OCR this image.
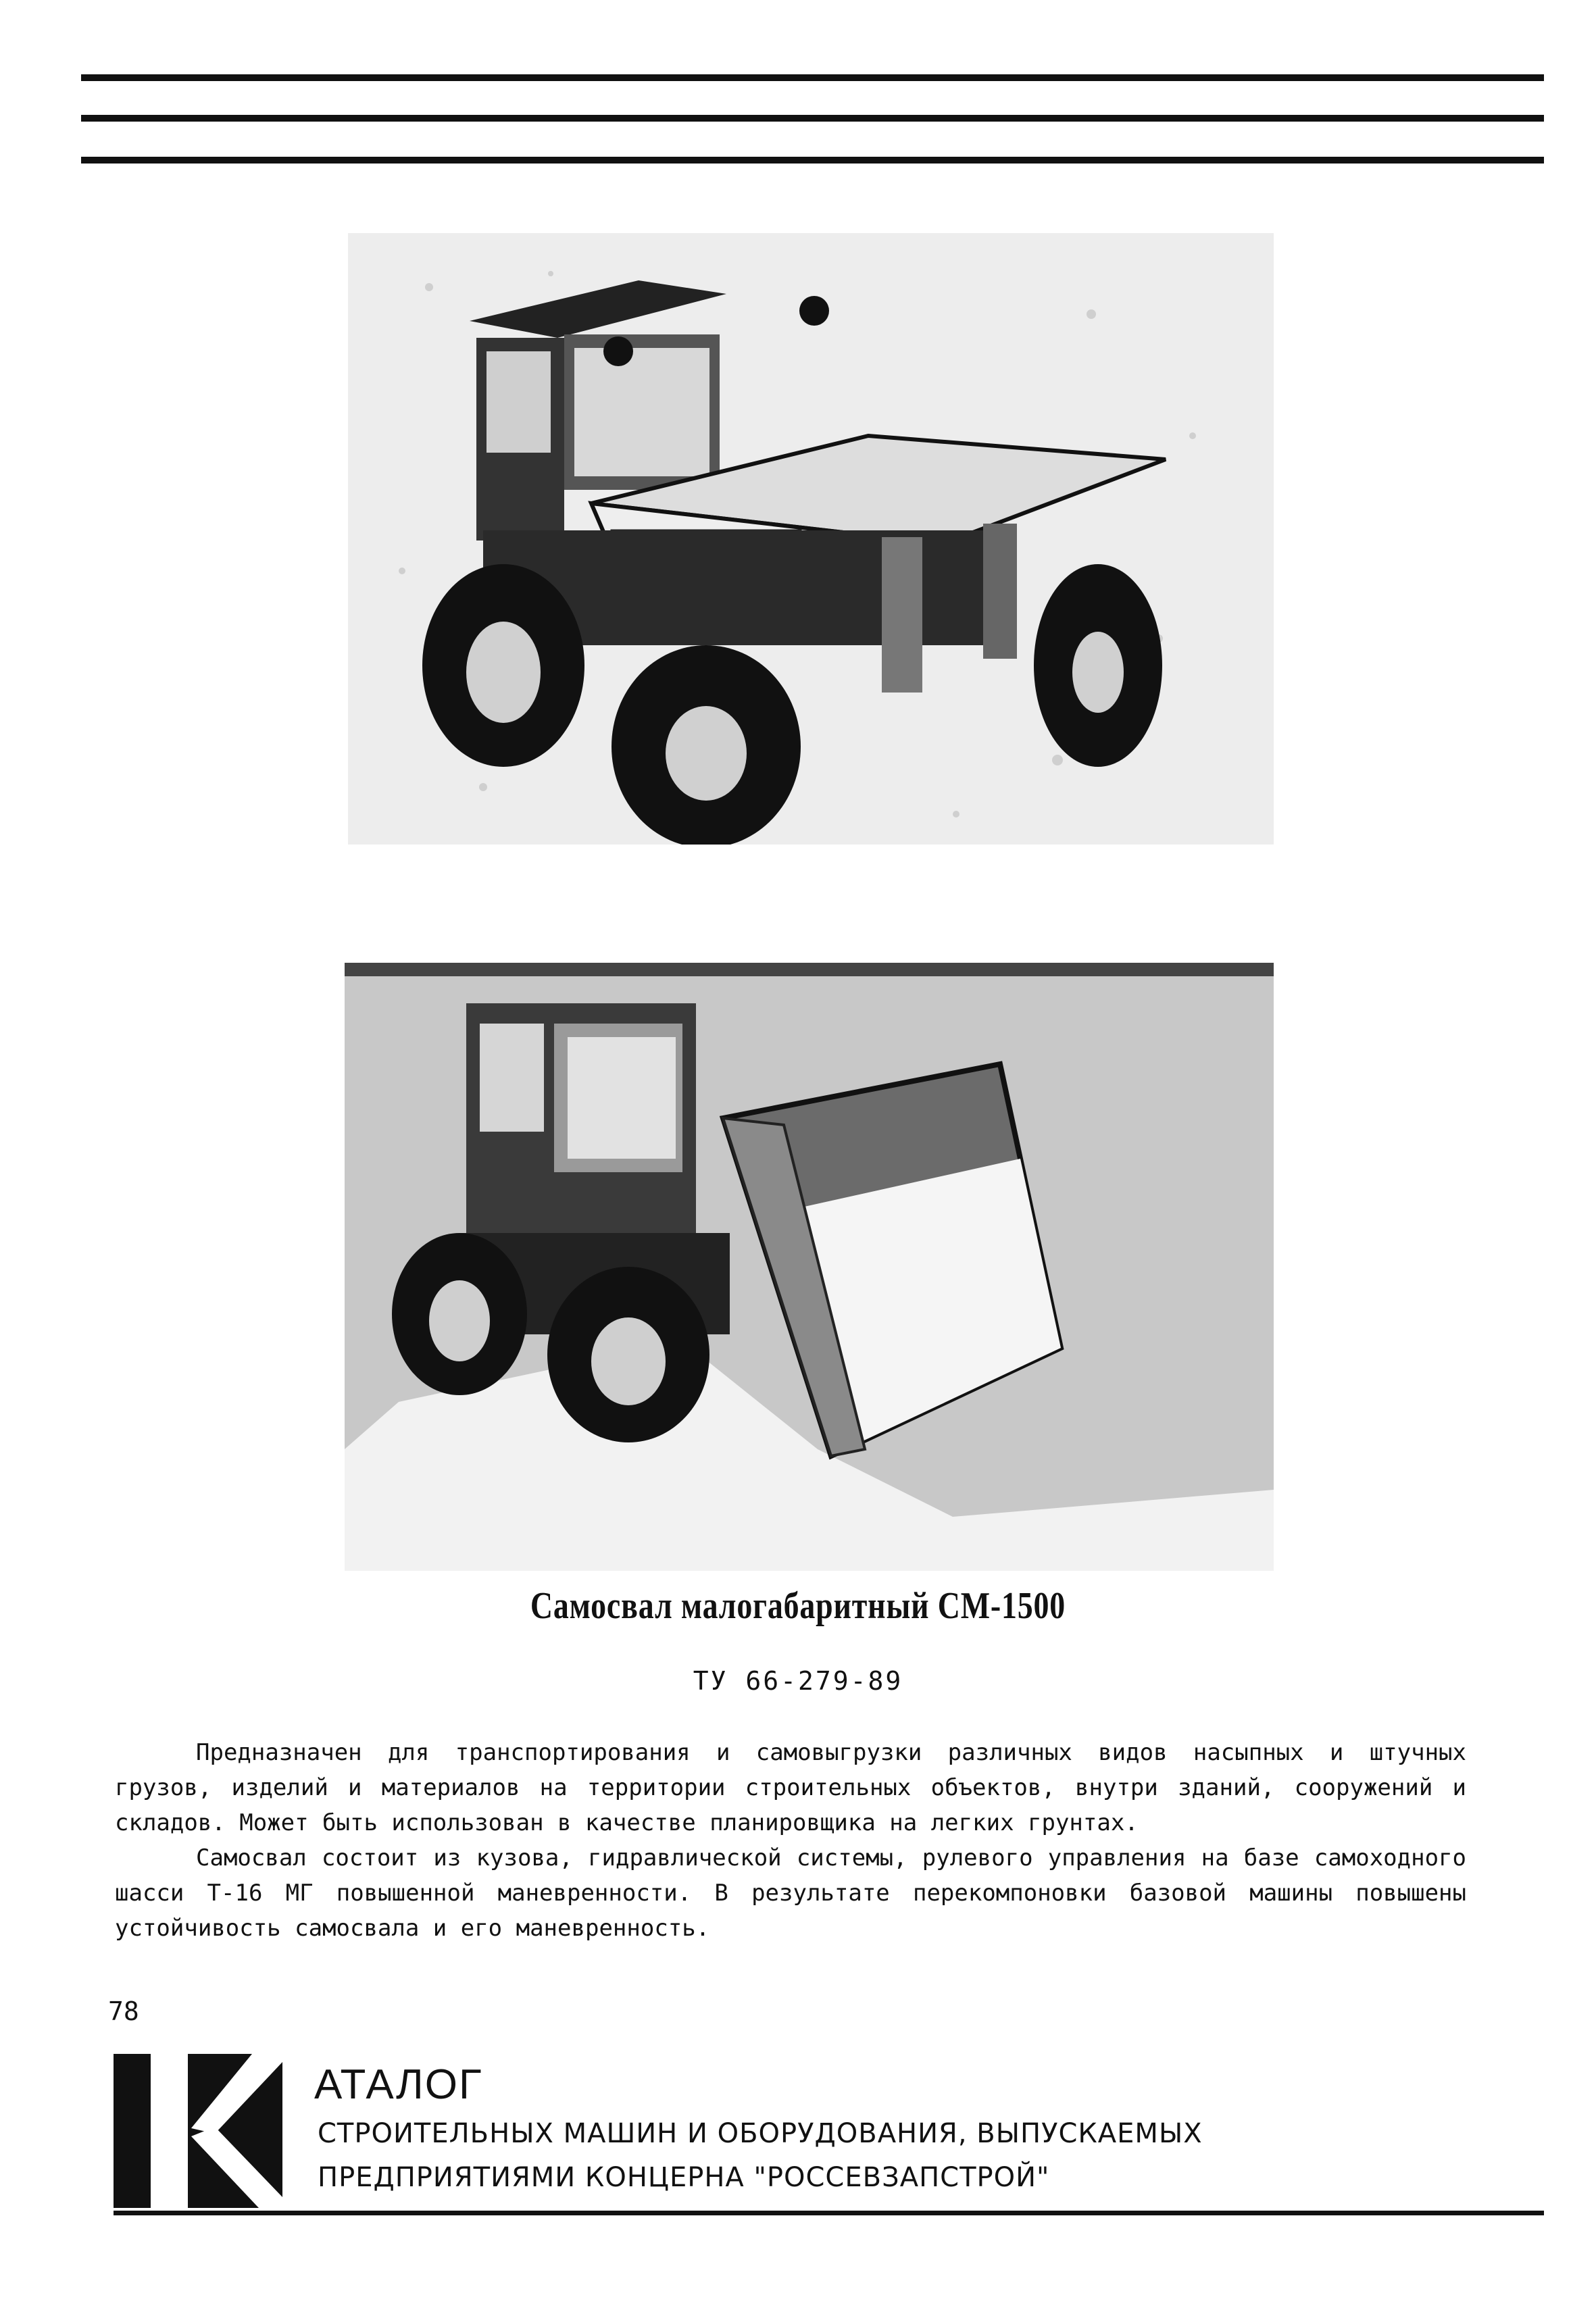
Самосвал малогабаритный СМ-1500
ТУ 66-279-89

Предназначен для транспортирования и самовыгрузки различных видов насыпных и штучных грузов, изделий и материалов на территории строительных объектов, внутри зданий, сооружений и складов. Может быть использован в качестве планировщика на легких грунтах.

Самосвал состоит из кузова, гидравлической системы, рулевого управления на базе самоходного шасси Т-16 МГ повышенной маневренности. В результате перекомпоновки базовой машины повышены устойчивость самосвала и его маневренность.

78
АТАЛОГ
СТРОИТЕЛЬНЫХ МАШИН И ОБОРУДОВАНИЯ, ВЫПУСКАЕМЫХ
ПРЕДПРИЯТИЯМИ КОНЦЕРНА "РОССЕВЗАПСТРОЙ"
